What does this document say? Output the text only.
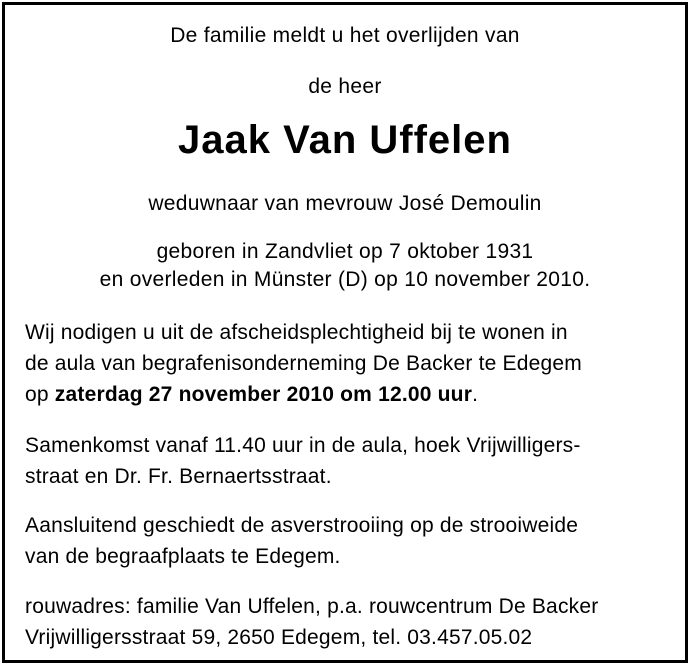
De familie meldt u het overlijden van
de heer
Jaak Van Uffelen
weduwnaar van mevrouw José Demoulin
geboren in Zandvliet op 7 oktober 1931
en overleden in Münster (D) op 10 november 2010.
Wij nodigen u uit de afscheidsplechtigheid bij te wonen in
de aula van begrafenisonderneming De Backer te Edegem
op zaterdag 27 november 2010 om 12.00 uur.
Samenkomst vanaf 11.40 uur in de aula, hoek Vrijwilligers-
straat en Dr. Fr. Bernaertsstraat.
Aansluitend geschiedt de asverstrooiing op de strooiweide
van de begraafplaats te Edegem.
rouwadres: familie Van Uffelen, p.a. rouwcentrum De Backer
Vrijwilligersstraat 59, 2650 Edegem, tel. 03.457.05.02
